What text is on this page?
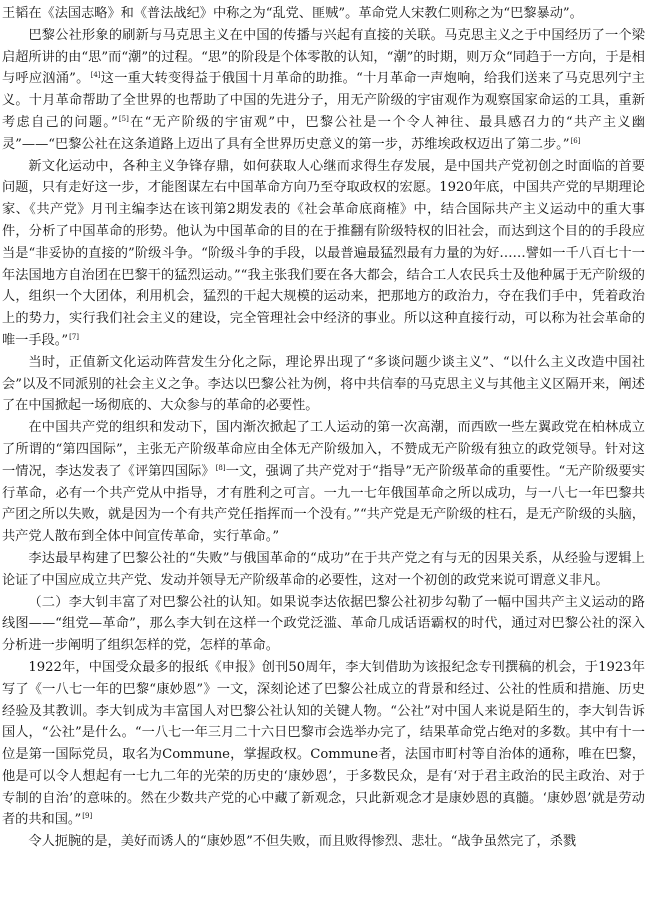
王韬在《法国志略》和《普法战纪》中称之为“乱党、匪贼”。革命党人宋教仁则称之为“巴黎暴动”。

巴黎公社形象的刷新与马克思主义在中国的传播与兴起有直接的关联。马克思主义之于中国经历了一个梁启超所讲的由“思”而“潮”的过程。“思”的阶段是个体零散的认知，“潮”的时期，则万众“同趋于一方向，于是相与呼应汹涌”。[4]这一重大转变得益于俄国十月革命的助推。“十月革命一声炮响，给我们送来了马克思列宁主义。十月革命帮助了全世界的也帮助了中国的先进分子，用无产阶级的宇宙观作为观察国家命运的工具，重新考虑自己的问题。”[5]在“无产阶级的宇宙观”中，巴黎公社是一个令人神往、最具感召力的“共产主义幽灵”——“巴黎公社在这条道路上迈出了具有全世界历史意义的第一步，苏维埃政权迈出了第二步。”[6]

新文化运动中，各种主义争锋存鼎，如何获取人心继而求得生存发展，是中国共产党初创之时面临的首要问题，只有走好这一步，才能图谋左右中国革命方向乃至夺取政权的宏愿。1920年底，中国共产党的早期理论家、《共产党》月刊主编李达在该刊第2期发表的《社会革命底商榷》中，结合国际共产主义运动中的重大事件，分析了中国革命的形势。他认为中国革命的目的在于推翻有阶级特权的旧社会，而达到这个目的的手段应当是“非妥协的直接的”阶级斗争。“阶级斗争的手段，以最普遍最猛烈最有力量的为好……譬如一千八百七十一年法国地方自治团在巴黎干的猛烈运动。”“我主张我们要在各大都会，结合工人农民兵士及他种属于无产阶级的人，组织一个大团体，利用机会，猛烈的干起大规模的运动来，把那地方的政治力，夺在我们手中，凭着政治上的势力，实行我们社会主义的建设，完全管理社会中经济的事业。所以这种直接行动，可以称为社会革命的唯一手段。”[7]

当时，正值新文化运动阵营发生分化之际，理论界出现了“多谈问题少谈主义”、“以什么主义改造中国社会”以及不同派别的社会主义之争。李达以巴黎公社为例，将中共信奉的马克思主义与其他主义区隔开来，阐述了在中国掀起一场彻底的、大众参与的革命的必要性。

在中国共产党的组织和发动下，国内渐次掀起了工人运动的第一次高潮，而西欧一些左翼政党在柏林成立了所谓的“第四国际”，主张无产阶级革命应由全体无产阶级加入，不赞成无产阶级有独立的政党领导。针对这一情况，李达发表了《评第四国际》[8]一文，强调了共产党对于“指导”无产阶级革命的重要性。“无产阶级要实行革命，必有一个共产党从中指导，才有胜利之可言。一九一七年俄国革命之所以成功，与一八七一年巴黎共产团之所以失败，就是因为一个有共产党任指挥而一个没有。”“共产党是无产阶级的柱石，是无产阶级的头脑，共产党人散布到全体中间宣传革命，实行革命。”

李达最早构建了巴黎公社的“失败”与俄国革命的“成功”在于共产党之有与无的因果关系，从经验与逻辑上论证了中国应成立共产党、发动并领导无产阶级革命的必要性，这对一个初创的政党来说可谓意义非凡。

（二）李大钊丰富了对巴黎公社的认知。如果说李达依据巴黎公社初步勾勒了一幅中国共产主义运动的路线图——“组党—革命”，那么李大钊在这样一个政党泛滥、革命几成话语霸权的时代，通过对巴黎公社的深入分析进一步阐明了组织怎样的党，怎样的革命。

1922年，中国受众最多的报纸《申报》创刊50周年，李大钊借助为该报纪念专刊撰稿的机会，于1923年写了《一八七一年的巴黎“康妙恩”》一文，深刻论述了巴黎公社成立的背景和经过、公社的性质和措施、历史经验及其教训。李大钊成为丰富国人对巴黎公社认知的关键人物。“公社”对中国人来说是陌生的，李大钊告诉国人，“公社”是什么。“一八七一年三月二十六日巴黎市会选举办完了，结果革命党占绝对的多数。其中有十一位是第一国际党员，取名为Commune，掌握政权。Commune者，法国市町村等自治体的通称，唯在巴黎，他是可以令人想起有一七九二年的光荣的历史的‘康妙恩’，于多数民众，是有‘对于君主政治的民主政治、对于专制的自治’的意味的。然在少数共产党的心中藏了新观念，只此新观念才是康妙恩的真髓。‘康妙恩’就是劳动者的共和国。”[9]

令人扼腕的是，美好而诱人的“康妙恩”不但失败，而且败得惨烈、悲壮。“战争虽然完了，杀戮
